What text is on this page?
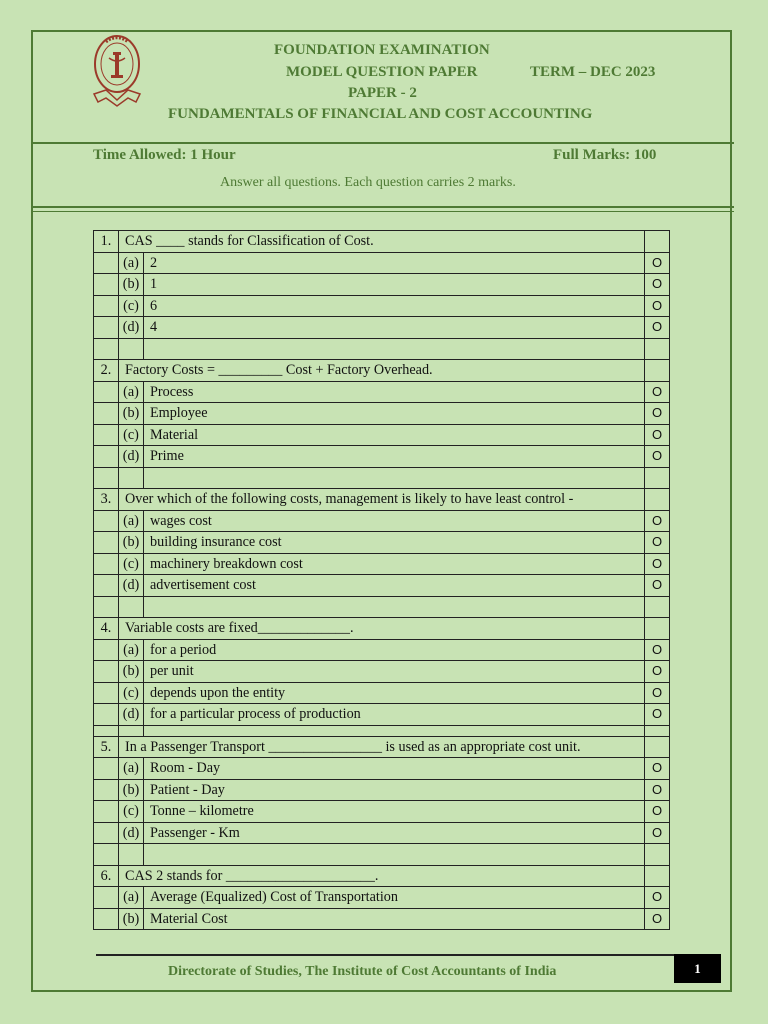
FOUNDATION EXAMINATION
MODEL QUESTION PAPER	TERM – DEC 2023
PAPER - 2
FUNDAMENTALS OF FINANCIAL AND COST ACCOUNTING
Time Allowed: 1 Hour	Full Marks: 100
Answer all questions. Each question carries 2 marks.
1.	CAS ____ stands for Classification of Cost.		
	(a)	2	O
	(b)	1	O
	(c)	6	O
	(d)	4	O

2.	Factory Costs = _________ Cost + Factory Overhead.		
	(a)	Process	O
	(b)	Employee	O
	(c)	Material	O
	(d)	Prime	O

3.	Over which of the following costs, management is likely to have least control -		
	(a)	wages cost	O
	(b)	building insurance cost	O
	(c)	machinery breakdown cost	O
	(d)	advertisement cost	O

4.	Variable costs are fixed_____________.		
	(a)	for a period	O
	(b)	per unit	O
	(c)	depends upon the entity	O
	(d)	for a particular process of production	O

5.	In a Passenger Transport ________________ is used as an appropriate cost unit.		
	(a)	Room - Day	O
	(b)	Patient - Day	O
	(c)	Tonne – kilometre	O
	(d)	Passenger - Km	O

6.	CAS 2 stands for _____________________.		
	(a)	Average (Equalized) Cost of Transportation	O
	(b)	Material Cost	O
Directorate of Studies, The Institute of Cost Accountants of India	1
